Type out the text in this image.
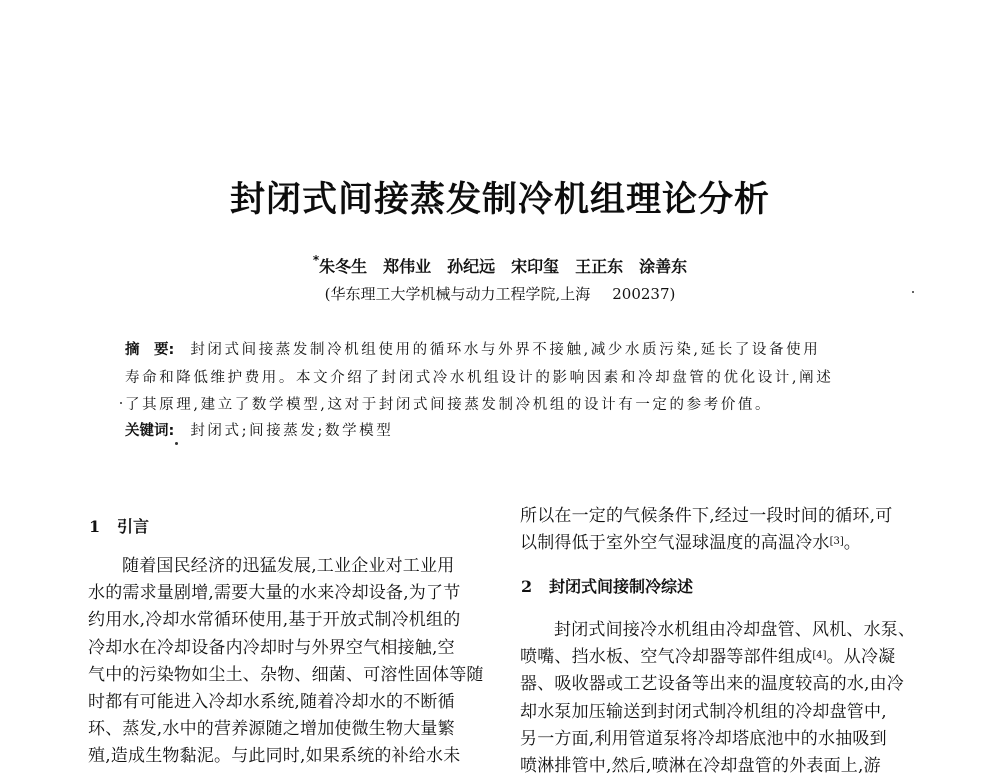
封闭式间接蒸发制冷机组理论分析
*朱冬生 郑伟业 孙纪远 宋印玺 王正东 涂善东
(华东理工大学机械与动力工程学院,上海 200237)
摘　要: 封闭式间接蒸发制冷机组使用的循环水与外界不接触,减少水质污染,延长了设备使用
寿命和降低维护费用。本文介绍了封闭式冷水机组设计的影响因素和冷却盘管的优化设计,阐述
了其原理,建立了数学模型,这对于封闭式间接蒸发制冷机组的设计有一定的参考价值。
关键词: 封闭式;间接蒸发;数学模型
1 引言
随着国民经济的迅猛发展,工业企业对工业用
水的需求量剧增,需要大量的水来冷却设备,为了节
约用水,冷却水常循环使用,基于开放式制冷机组的
冷却水在冷却设备内冷却时与外界空气相接触,空
气中的污染物如尘土、杂物、细菌、可溶性固体等随
时都有可能进入冷却水系统,随着冷却水的不断循
环、蒸发,水中的营养源随之增加使微生物大量繁
殖,造成生物黏泥。与此同时,如果系统的补给水未
所以在一定的气候条件下,经过一段时间的循环,可
以制得低于室外空气湿球温度的高温冷水[3]。
2 封闭式间接制冷综述
封闭式间接冷水机组由冷却盘管、风机、水泵、
喷嘴、挡水板、空气冷却器等部件组成[4]。从冷凝
器、吸收器或工艺设备等出来的温度较高的水,由冷
却水泵加压输送到封闭式制冷机组的冷却盘管中,
另一方面,利用管道泵将冷却塔底池中的水抽吸到
喷淋排管中,然后,喷淋在冷却盘管的外表面上,游
